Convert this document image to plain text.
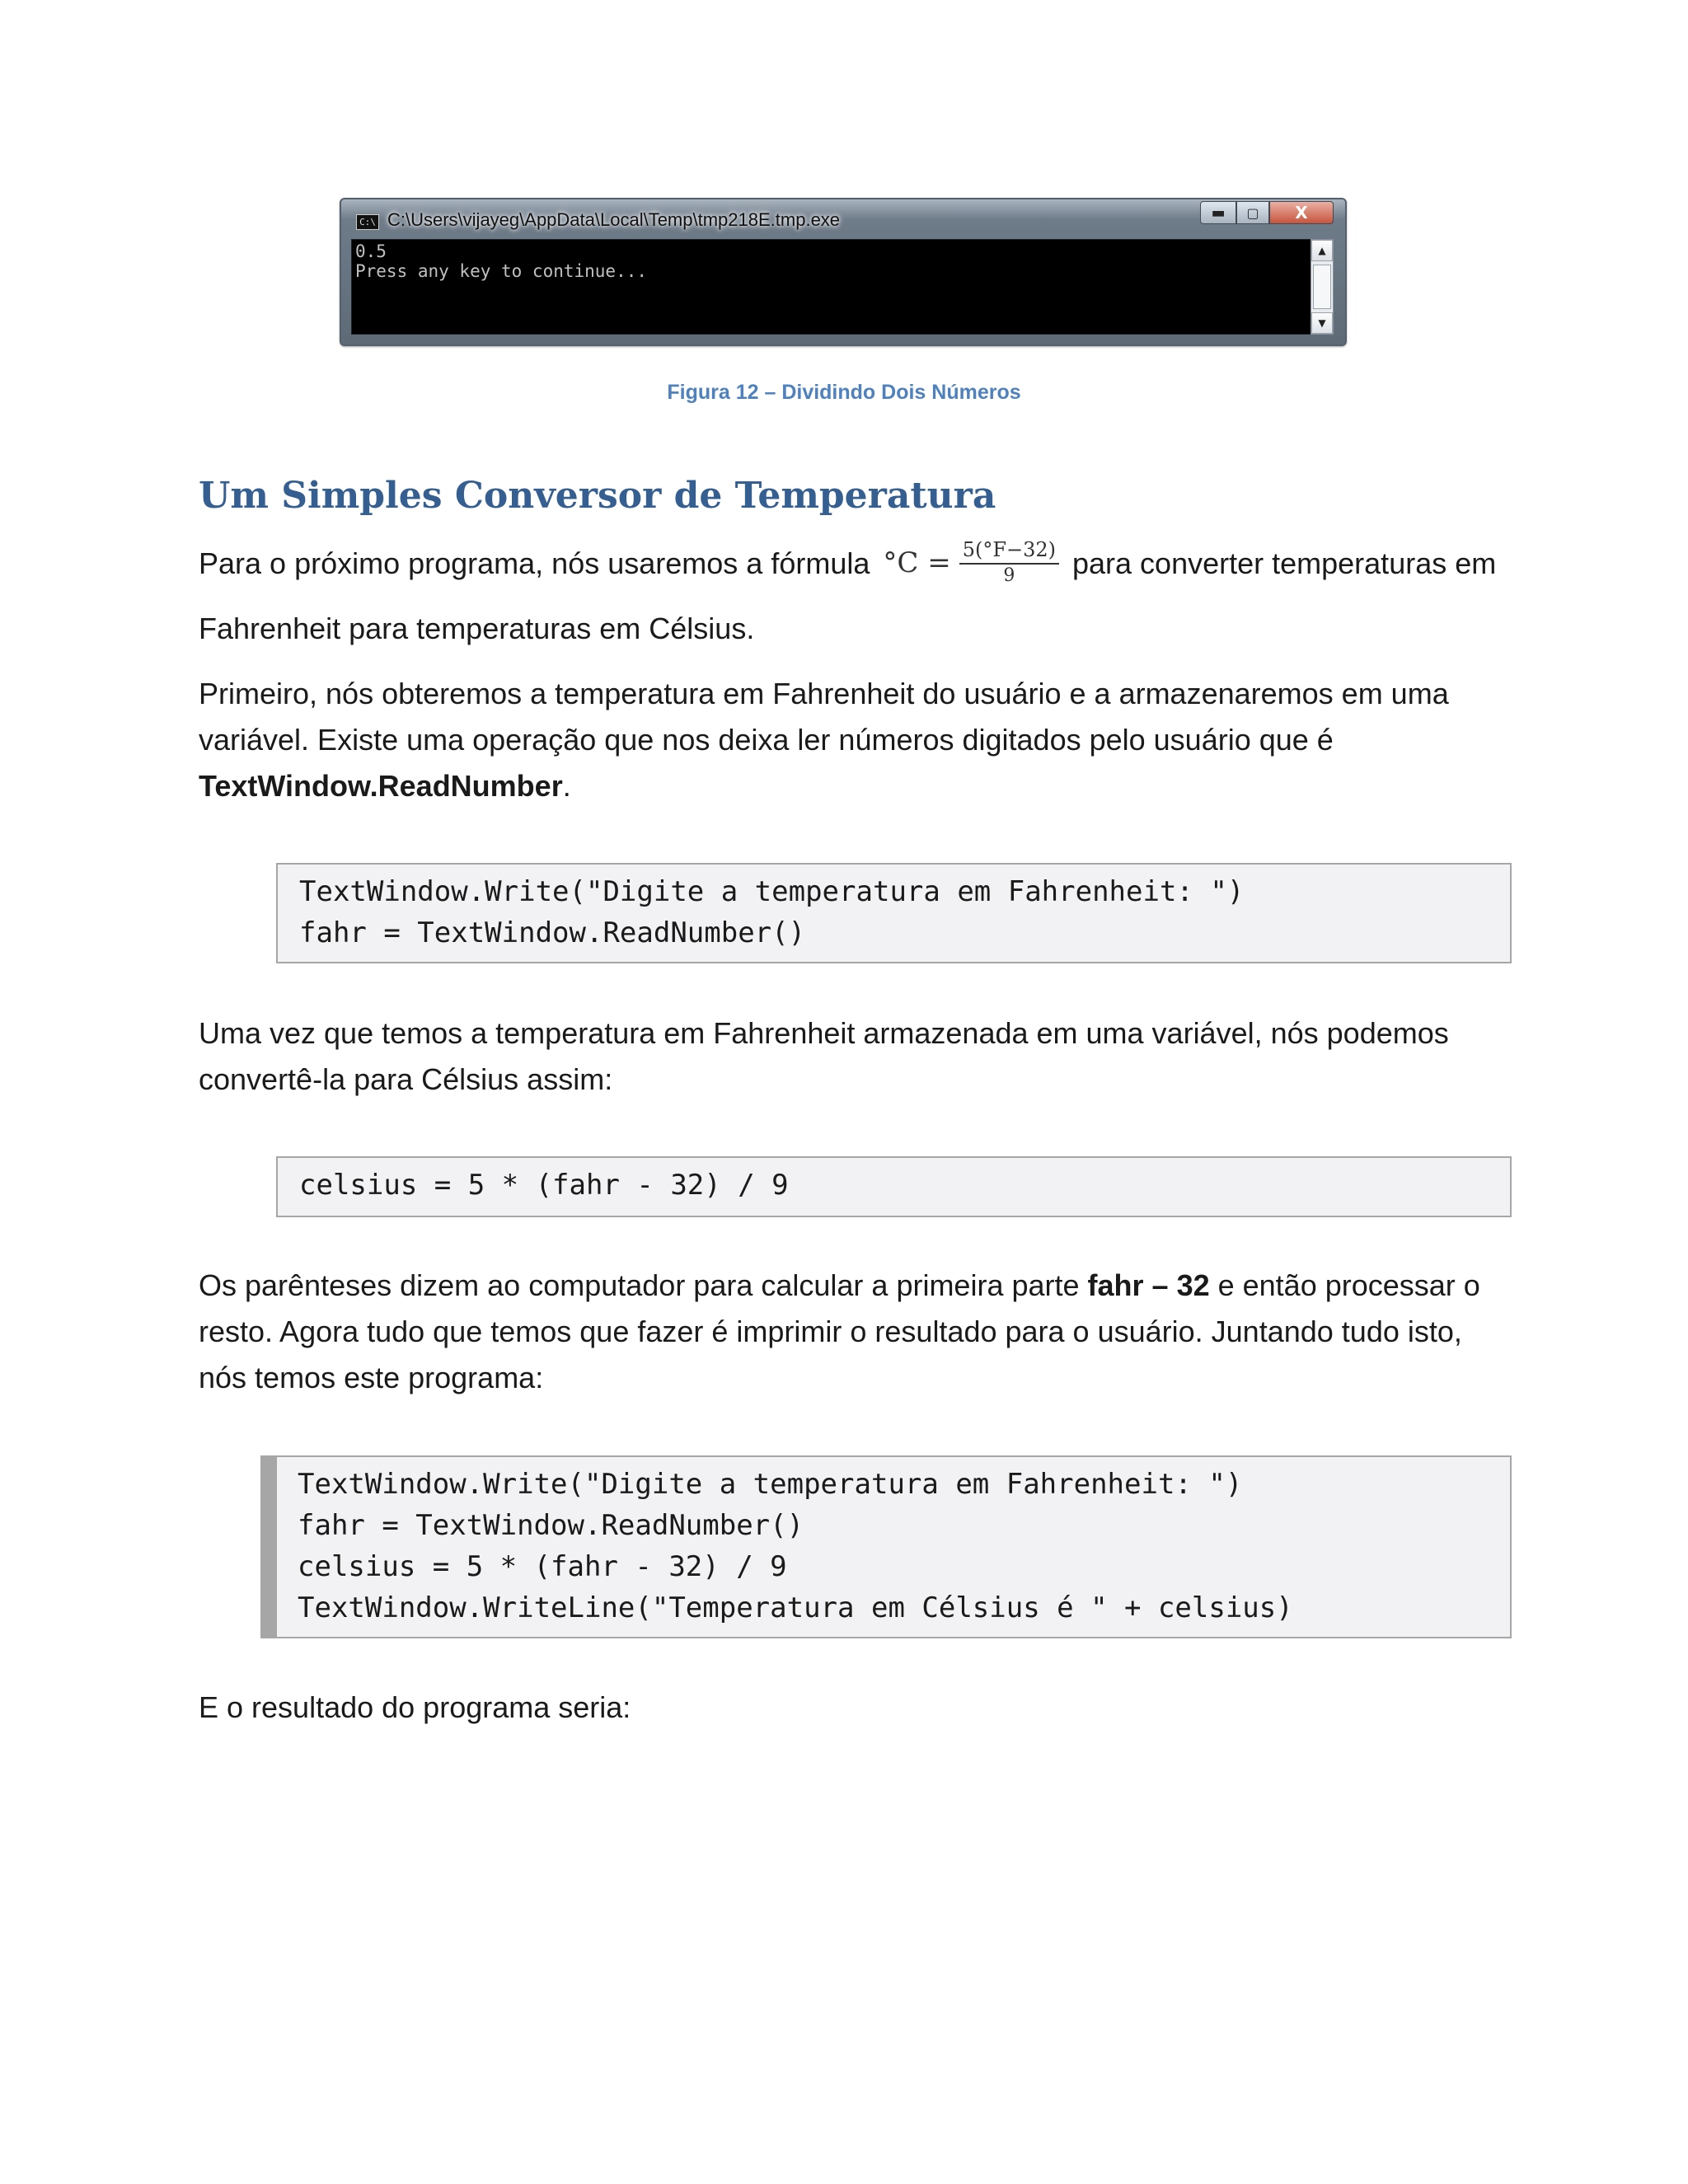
C:\ C:\Users\vijayeg\AppData\Local\Temp\tmp218E.tmp.exe	▬	▢	X
0.5
Press any key to continue...
▲
▼
Figura 12 – Dividindo Dois Números
Um Simples Conversor de Temperatura

Para o próximo programa, nós usaremos a fórmula $^\circ C = \frac{5(^\circ F-32)}{9}$ para converter temperaturas em Fahrenheit para temperaturas em Célsius.

Primeiro, nós obteremos a temperatura em Fahrenheit do usuário e a armazenaremos em uma variável. Existe uma operação que nos deixa ler números digitados pelo usuário que é TextWindow.ReadNumber.

TextWindow.Write("Digite a temperatura em Fahrenheit: ")
fahr = TextWindow.ReadNumber()

Uma vez que temos a temperatura em Fahrenheit armazenada em uma variável, nós podemos convertê-la para Célsius assim:

celsius = 5 * (fahr - 32) / 9

Os parênteses dizem ao computador para calcular a primeira parte fahr – 32 e então processar o resto. Agora tudo que temos que fazer é imprimir o resultado para o usuário. Juntando tudo isto, nós temos este programa:

TextWindow.Write("Digite a temperatura em Fahrenheit: ")
fahr = TextWindow.ReadNumber()
celsius = 5 * (fahr - 32) / 9
TextWindow.WriteLine("Temperatura em Célsius é " + celsius)

E o resultado do programa seria:
